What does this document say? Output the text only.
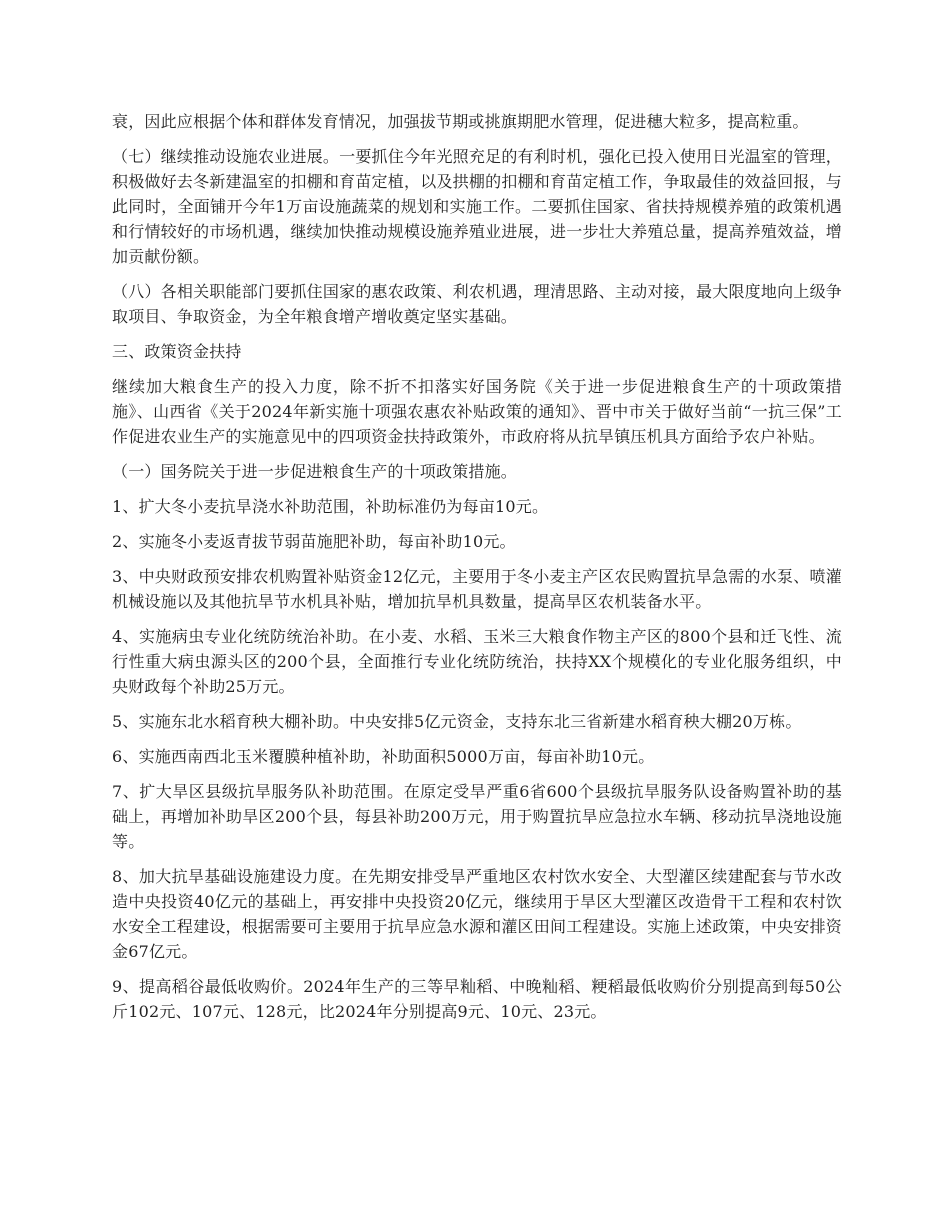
衰，因此应根据个体和群体发育情况，加强拔节期或挑旗期肥水管理，促进穗大粒多，提高粒重。

（七）继续推动设施农业进展。一要抓住今年光照充足的有利时机，强化已投入使用日光温室的管理，积极做好去冬新建温室的扣棚和育苗定植，以及拱棚的扣棚和育苗定植工作，争取最佳的效益回报，与此同时，全面铺开今年1万亩设施蔬菜的规划和实施工作。二要抓住国家、省扶持规模养殖的政策机遇和行情较好的市场机遇，继续加快推动规模设施养殖业进展，进一步壮大养殖总量，提高养殖效益，增加贡献份额。

（八）各相关职能部门要抓住国家的惠农政策、利农机遇，理清思路、主动对接，最大限度地向上级争取项目、争取资金，为全年粮食增产增收奠定坚实基础。

三、政策资金扶持

继续加大粮食生产的投入力度，除不折不扣落实好国务院《关于进一步促进粮食生产的十项政策措施》、山西省《关于2024年新实施十项强农惠农补贴政策的通知》、晋中市关于做好当前“一抗三保”工作促进农业生产的实施意见中的四项资金扶持政策外，市政府将从抗旱镇压机具方面给予农户补贴。

（一）国务院关于进一步促进粮食生产的十项政策措施。

1、扩大冬小麦抗旱浇水补助范围，补助标准仍为每亩10元。

2、实施冬小麦返青拔节弱苗施肥补助，每亩补助10元。

3、中央财政预安排农机购置补贴资金12亿元，主要用于冬小麦主产区农民购置抗旱急需的水泵、喷灌机械设施以及其他抗旱节水机具补贴，增加抗旱机具数量，提高旱区农机装备水平。

4、实施病虫专业化统防统治补助。在小麦、水稻、玉米三大粮食作物主产区的800个县和迁飞性、流行性重大病虫源头区的200个县，全面推行专业化统防统治，扶持XX个规模化的专业化服务组织，中央财政每个补助25万元。

5、实施东北水稻育秧大棚补助。中央安排5亿元资金，支持东北三省新建水稻育秧大棚20万栋。

6、实施西南西北玉米覆膜种植补助，补助面积5000万亩，每亩补助10元。

7、扩大旱区县级抗旱服务队补助范围。在原定受旱严重6省600个县级抗旱服务队设备购置补助的基础上，再增加补助旱区200个县，每县补助200万元，用于购置抗旱应急拉水车辆、移动抗旱浇地设施等。

8、加大抗旱基础设施建设力度。在先期安排受旱严重地区农村饮水安全、大型灌区续建配套与节水改造中央投资40亿元的基础上，再安排中央投资20亿元，继续用于旱区大型灌区改造骨干工程和农村饮水安全工程建设，根据需要可主要用于抗旱应急水源和灌区田间工程建设。实施上述政策，中央安排资金67亿元。

9、提高稻谷最低收购价。2024年生产的三等早籼稻、中晚籼稻、粳稻最低收购价分别提高到每50公斤102元、107元、128元，比2024年分别提高9元、10元、23元。
